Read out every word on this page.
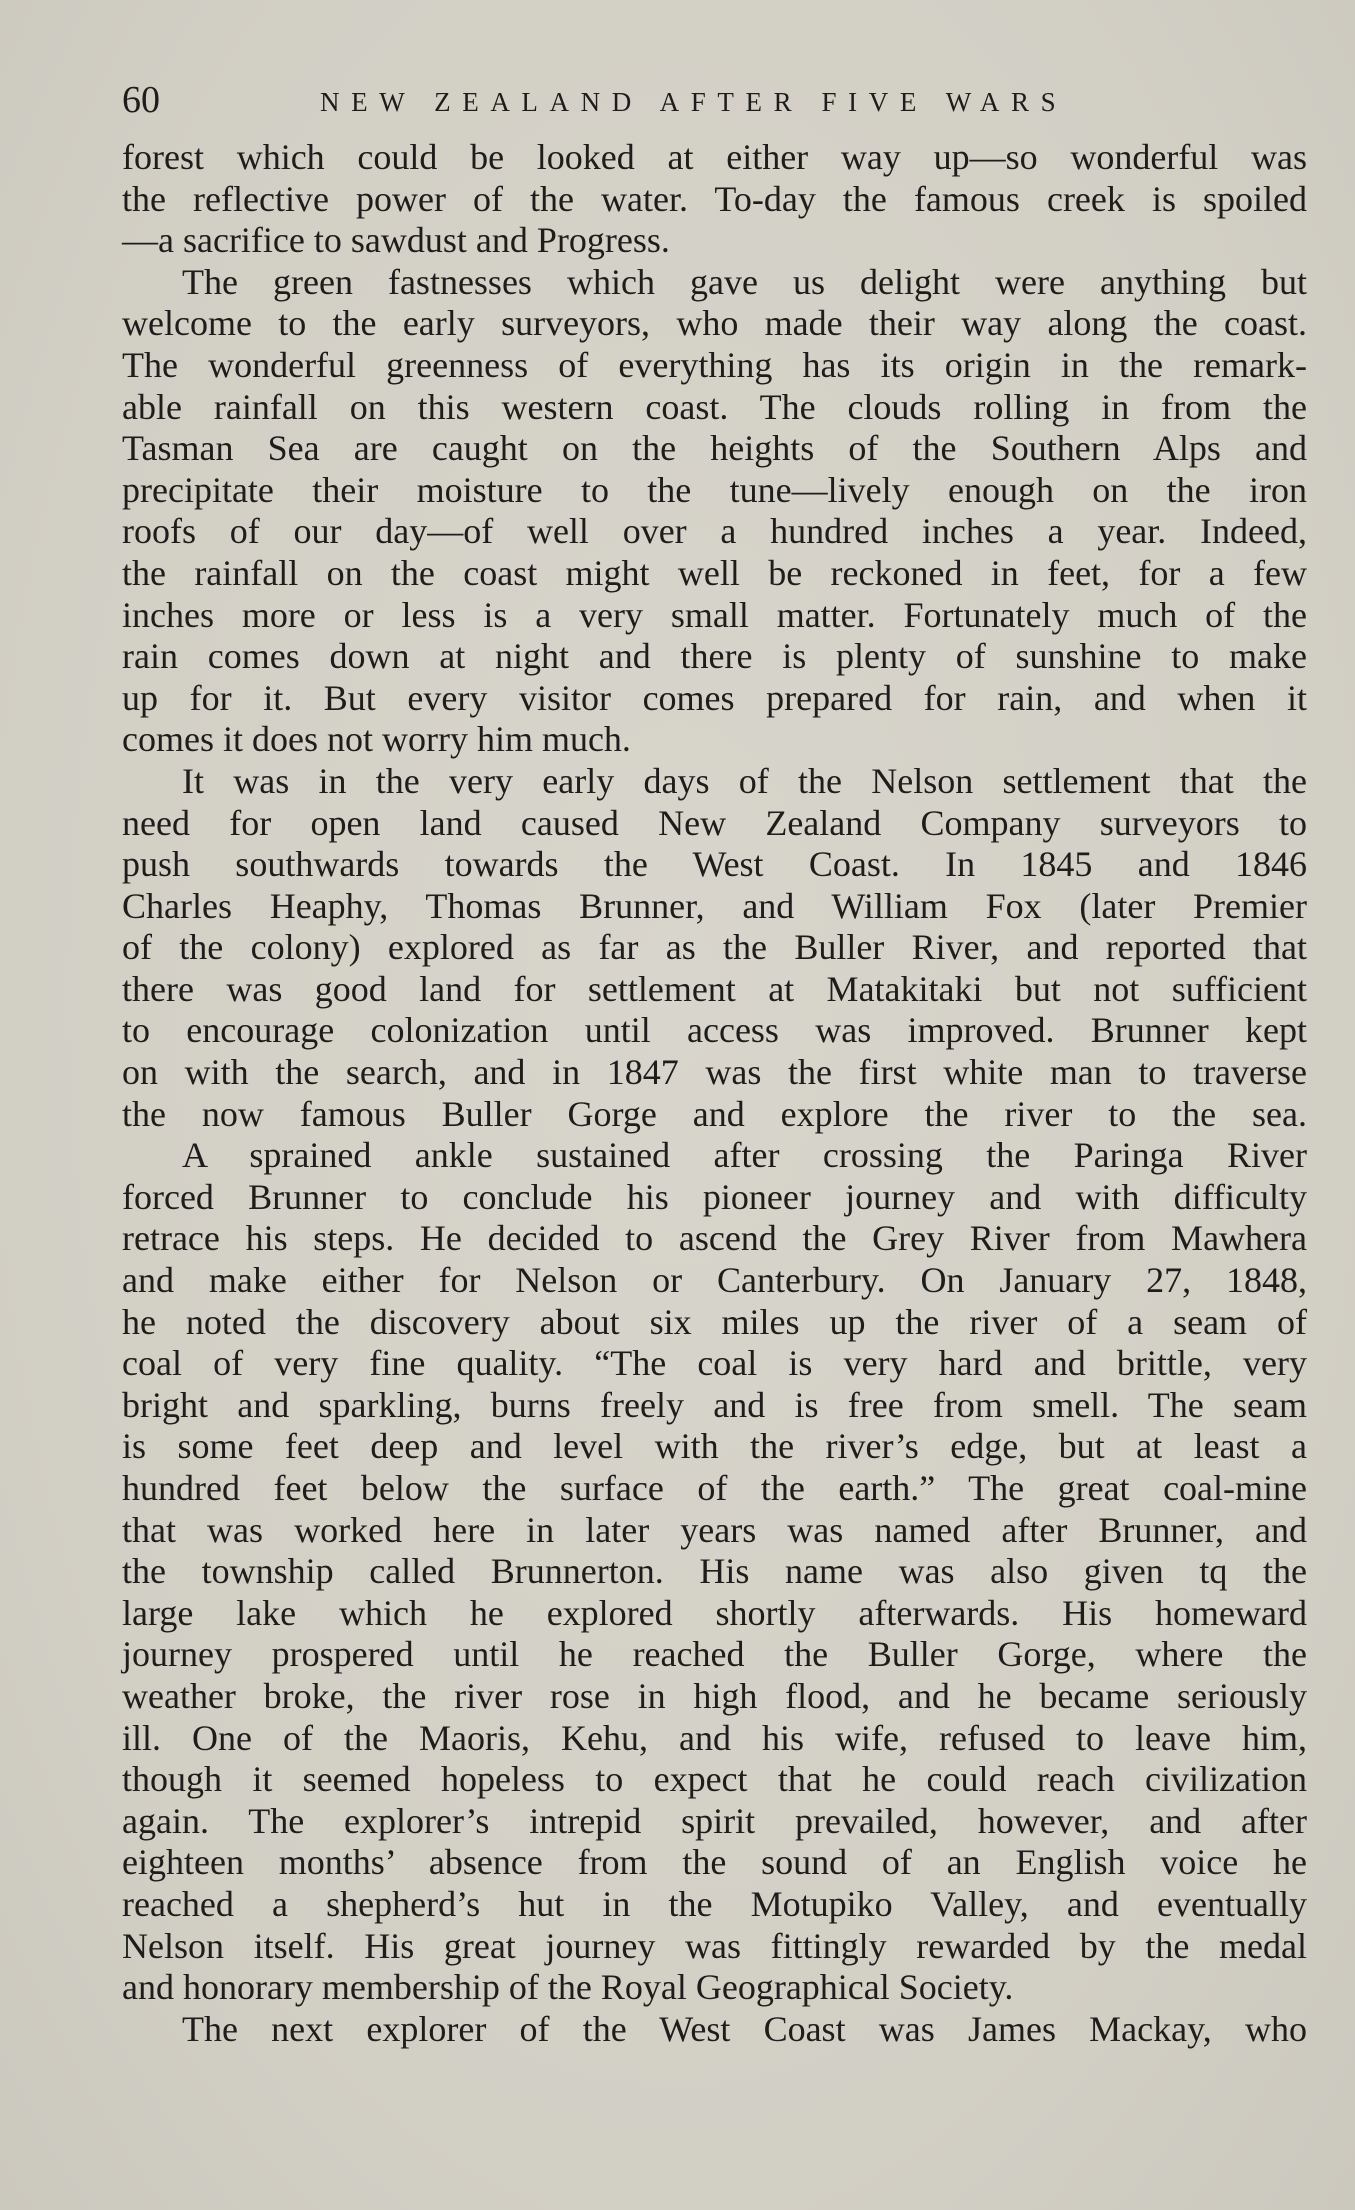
60	NEW ZEALAND AFTER FIVE WARS
forest which could be looked at either way up—so wonderful was
the reflective power of the water. To-day the famous creek is spoiled
—a sacrifice to sawdust and Progress.
The green fastnesses which gave us delight were anything but
welcome to the early surveyors, who made their way along the coast.
The wonderful greenness of everything has its origin in the remark-
able rainfall on this western coast. The clouds rolling in from the
Tasman Sea are caught on the heights of the Southern Alps and
precipitate their moisture to the tune—lively enough on the iron
roofs of our day—of well over a hundred inches a year. Indeed,
the rainfall on the coast might well be reckoned in feet, for a few
inches more or less is a very small matter. Fortunately much of the
rain comes down at night and there is plenty of sunshine to make
up for it. But every visitor comes prepared for rain, and when it
comes it does not worry him much.
It was in the very early days of the Nelson settlement that the
need for open land caused New Zealand Company surveyors to
push southwards towards the West Coast. In 1845 and 1846
Charles Heaphy, Thomas Brunner, and William Fox (later Premier
of the colony) explored as far as the Buller River, and reported that
there was good land for settlement at Matakitaki but not sufficient
to encourage colonization until access was improved. Brunner kept
on with the search, and in 1847 was the first white man to traverse
the now famous Buller Gorge and explore the river to the sea.
A sprained ankle sustained after crossing the Paringa River
forced Brunner to conclude his pioneer journey and with difficulty
retrace his steps. He decided to ascend the Grey River from Mawhera
and make either for Nelson or Canterbury. On January 27, 1848,
he noted the discovery about six miles up the river of a seam of
coal of very fine quality. “The coal is very hard and brittle, very
bright and sparkling, burns freely and is free from smell. The seam
is some feet deep and level with the river’s edge, but at least a
hundred feet below the surface of the earth.” The great coal-mine
that was worked here in later years was named after Brunner, and
the township called Brunnerton. His name was also given tq the
large lake which he explored shortly afterwards. His homeward
journey prospered until he reached the Buller Gorge, where the
weather broke, the river rose in high flood, and he became seriously
ill. One of the Maoris, Kehu, and his wife, refused to leave him,
though it seemed hopeless to expect that he could reach civilization
again. The explorer’s intrepid spirit prevailed, however, and after
eighteen months’ absence from the sound of an English voice he
reached a shepherd’s hut in the Motupiko Valley, and eventually
Nelson itself. His great journey was fittingly rewarded by the medal
and honorary membership of the Royal Geographical Society.
The next explorer of the West Coast was James Mackay, who
